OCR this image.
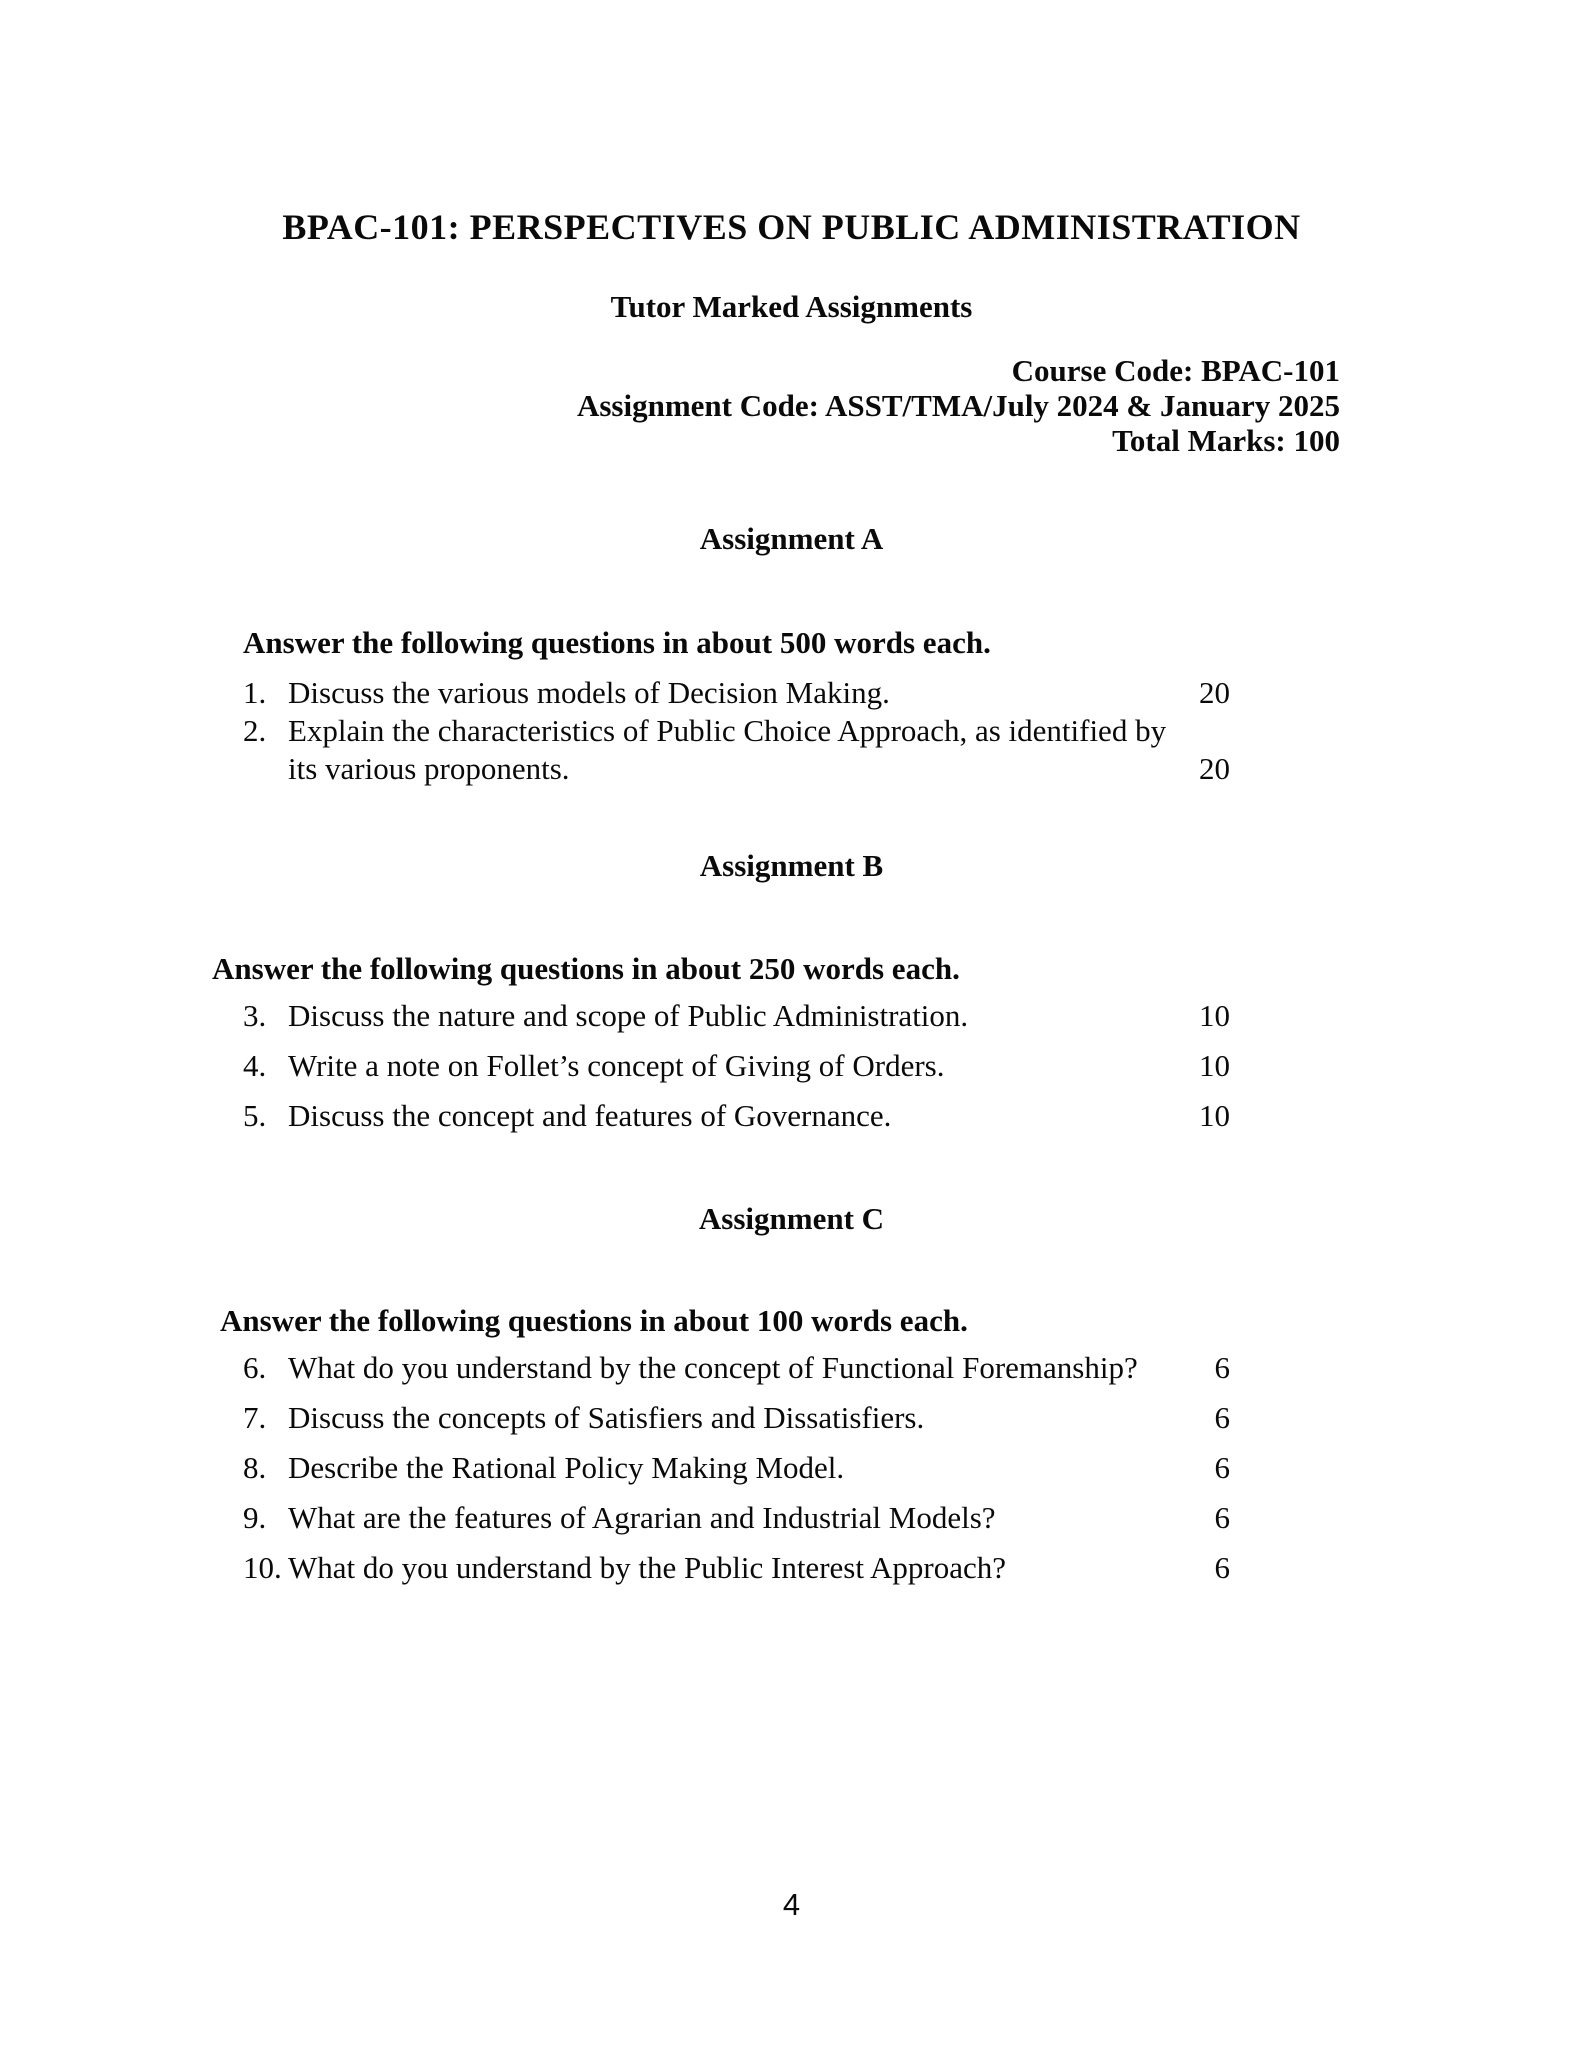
BPAC-101: PERSPECTIVES ON PUBLIC ADMINISTRATION
Tutor Marked Assignments
Course Code: BPAC-101
Assignment Code: ASST/TMA/July 2024 & January 2025
Total Marks: 100
Assignment A
Answer the following questions in about 500 words each.
1. Discuss the various models of Decision Making.	20
2. Explain the characteristics of Public Choice Approach, as identified by its various proponents.	20
Assignment B
Answer the following questions in about 250 words each.
3. Discuss the nature and scope of Public Administration.	10
4. Write a note on Follet’s concept of Giving of Orders.	10
5. Discuss the concept and features of Governance.	10
Assignment C
Answer the following questions in about 100 words each.
6. What do you understand by the concept of Functional Foremanship?	6
7. Discuss the concepts of Satisfiers and Dissatisfiers.	6
8. Describe the Rational Policy Making Model.	6
9. What are the features of Agrarian and Industrial Models?	6
10. What do you understand by the Public Interest Approach?	6
4
